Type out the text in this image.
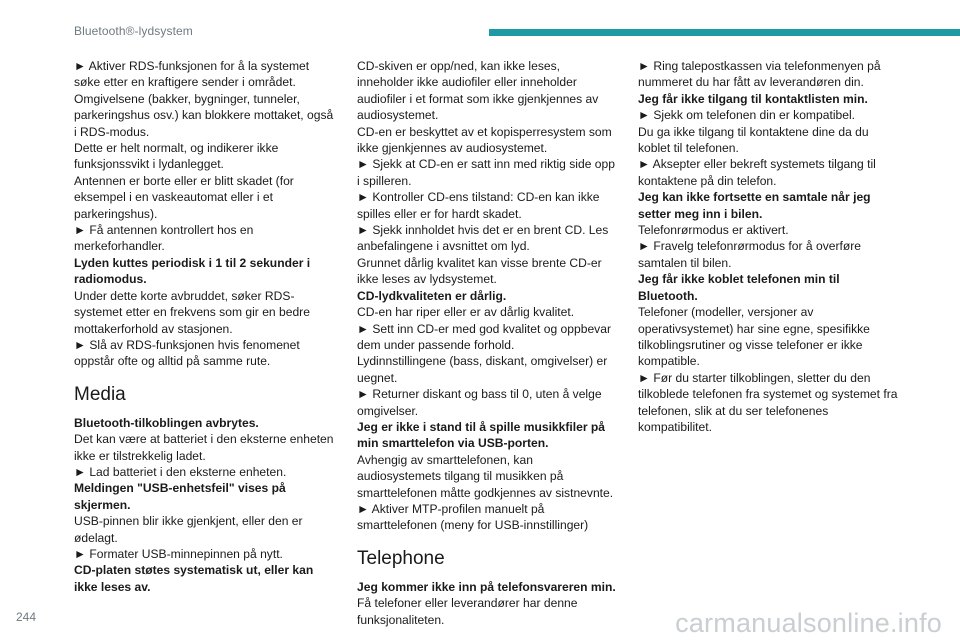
Bluetooth®-lydsystem

► Aktiver RDS-funksjonen for å la systemet søke etter en kraftigere sender i området.

Omgivelsene (bakker, bygninger, tunneler, parkeringshus osv.) kan blokkere mottaket, også i RDS-modus.

Dette er helt normalt, og indikerer ikke funksjonssvikt i lydanlegget.

Antennen er borte eller er blitt skadet (for eksempel i en vaskeautomat eller i et parkeringshus).

► Få antennen kontrollert hos en merkeforhandler.

Lyden kuttes periodisk i 1 til 2 sekunder i radiomodus.

Under dette korte avbruddet, søker RDS-systemet etter en frekvens som gir en bedre mottakerforhold av stasjonen.

► Slå av RDS-funksjonen hvis fenomenet oppstår ofte og alltid på samme rute.

Media

Bluetooth-tilkoblingen avbrytes.

Det kan være at batteriet i den eksterne enheten ikke er tilstrekkelig ladet.

► Lad batteriet i den eksterne enheten.

Meldingen "USB-enhetsfeil" vises på skjermen.

USB-pinnen blir ikke gjenkjent, eller den er ødelagt.

► Formater USB-minnepinnen på nytt.

CD-platen støtes systematisk ut, eller kan ikke leses av.

CD-skiven er opp/ned, kan ikke leses, inneholder ikke audiofiler eller inneholder audiofiler i et format som ikke gjenkjennes av audiosystemet.

CD-en er beskyttet av et kopisperresystem som ikke gjenkjennes av audiosystemet.

► Sjekk at CD-en er satt inn med riktig side opp i spilleren.

► Kontroller CD-ens tilstand: CD-en kan ikke spilles eller er for hardt skadet.

► Sjekk innholdet hvis det er en brent CD. Les anbefalingene i avsnittet om lyd.

Grunnet dårlig kvalitet kan visse brente CD-er ikke leses av lydsystemet.

CD-lydkvaliteten er dårlig.

CD-en har riper eller er av dårlig kvalitet.

► Sett inn CD-er med god kvalitet og oppbevar dem under passende forhold.

Lydinnstillingene (bass, diskant, omgivelser) er uegnet.

► Returner diskant og bass til 0, uten å velge omgivelser.

Jeg er ikke i stand til å spille musikkfiler på min smarttelefon via USB-porten.

Avhengig av smarttelefonen, kan audiosystemets tilgang til musikken på smarttelefonen måtte godkjennes av sistnevnte.

► Aktiver MTP-profilen manuelt på smarttelefonen (meny for USB-innstillinger)

Telephone

Jeg kommer ikke inn på telefonsvareren min.

Få telefoner eller leverandører har denne funksjonaliteten.

► Ring talepostkassen via telefonmenyen på nummeret du har fått av leverandøren din.

Jeg får ikke tilgang til kontaktlisten min.

► Sjekk om telefonen din er kompatibel.

Du ga ikke tilgang til kontaktene dine da du koblet til telefonen.

► Aksepter eller bekreft systemets tilgang til kontaktene på din telefon.

Jeg kan ikke fortsette en samtale når jeg setter meg inn i bilen.

Telefonrørmodus er aktivert.

► Fravelg telefonrørmodus for å overføre samtalen til bilen.

Jeg får ikke koblet telefonen min til Bluetooth.

Telefoner (modeller, versjoner av operativsystemet) har sine egne, spesifikke tilkoblingsrutiner og visse telefoner er ikke kompatible.

► Før du starter tilkoblingen, sletter du den tilkoblede telefonen fra systemet og systemet fra telefonen, slik at du ser telefonenes kompatibilitet.

244	carmanualsonline.info
